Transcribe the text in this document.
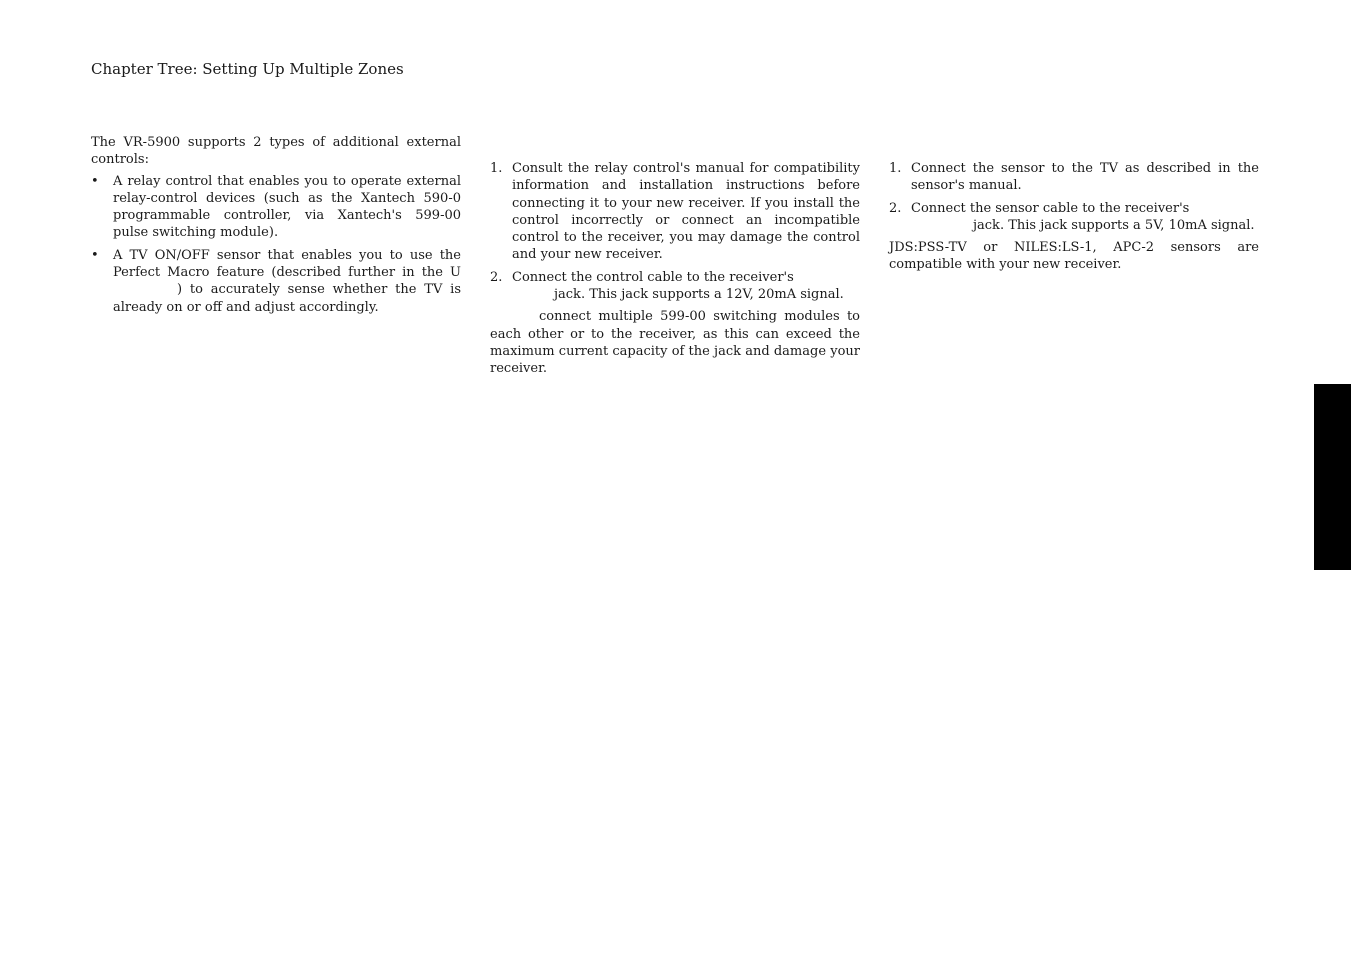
Chapter Tree: Setting Up Multiple Zones

The VR-5900 supports 2 types of additional external controls:

• A relay control that enables you to operate external relay-control devices (such as the Xantech 590-0 programmable controller, via Xantech's 599-00 pulse switching module).
• A TV ON/OFF sensor that enables you to use the Perfect Macro feature (described further in the U) to accurately sense whether the TV is already on or off and adjust accordingly.
1. Consult the relay control's manual for compatibility information and installation instructions before connecting it to your new receiver. If you install the control incorrectly or connect an incompatible control to the receiver, you may damage the control and your new receiver.
2. Connect the control cable to the receiver's
jack. This jack supports a 12V, 20mA signal.

connect multiple 599-00 switching modules to each other or to the receiver, as this can exceed the maximum current capacity of the jack and damage your receiver.

1. Connect the sensor to the TV as described in the sensor's manual.
2. Connect the sensor cable to the receiver's
jack. This jack supports a 5V, 10mA signal.

JDS:PSS-TV or NILES:LS-1, APC-2 sensors are compatible with your new receiver.
